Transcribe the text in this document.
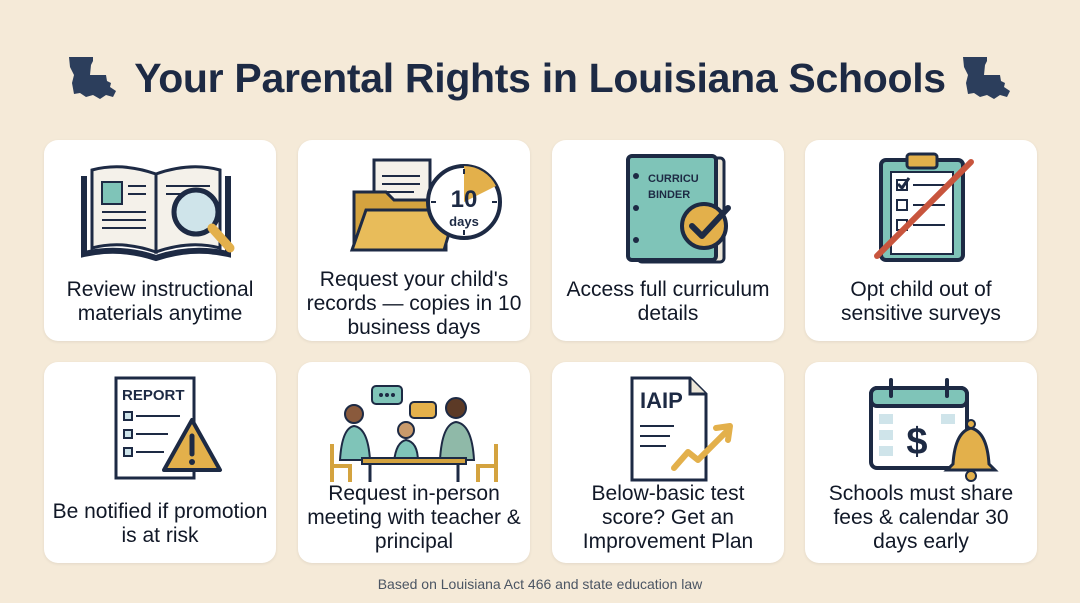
Your Parental Rights in Louisiana Schools
Review instructional materials anytime
10
days
Request your child's records — copies in 10 business days
CURRICU
BINDER
Access full curriculum details
Opt child out of sensitive surveys
REPORT
Be notified if promotion is at risk
Request in-person meeting with teacher & principal
IAIP
Below-basic test score? Get an Improvement Plan
$
Schools must share fees & calendar 30 days early
Based on Louisiana Act 466 and state education law
